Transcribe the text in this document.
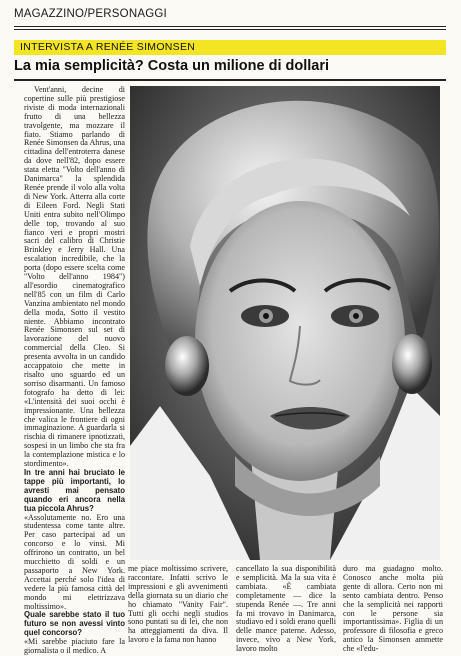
MAGAZZINO/PERSONAGGI
INTERVISTA A RENÉE SIMONSEN
La mia semplicità? Costa un milione di dollari

Vent'anni, decine di copertine sulle più prestigiose riviste di moda internazionali frutto di una bellezza travolgente, ma mozzare il fiato. Stiamo parlando di Renée Simonsen da Ahrus, una cittadina dell'entroterra danese da dove nell'82, dopo essere stata eletta "Volto dell'anno di Danimarca" la splendida Renée prende il volo alla volta di New York. Atterra alla corte di Eileen Ford. Negli Stati Uniti entra subito nell'Olimpo delle top, trovando al suo fianco veri e propri mostri sacri del calibro di Christie Brinkley e Jerry Hall. Una escalation incredibile, che la porta (dopo essere scelta come "Volto dell'anno 1984") all'esordio cinematografico nell'85 con un film di Carlo Vanzina ambientato nel mondo della moda, Sotto il vestito niente. Abbiamo incontrato Renée Simonsen sul set di lavorazione del nuovo commercial della Cleo. Si presenta avvolta in un candido accappatoio che mette in risalto uno sguardo ed un sorriso disarmanti. Un famoso fotografo ha detto di lei: «L'intensità dei suoi occhi è impressionante. Una bellezza che valica le frontiere di ogni immaginazione. A guardarla si rischia di rimanere ipnotizzati, sospesi in un limbo che sta fra la contemplazione mistica e lo stordimento».

In tre anni hai bruciato le tappe più importanti, lo avresti mai pensato quando eri ancora nella tua piccola Ahrus?

«Assolutamente no. Ero una studentessa come tante altre. Per caso partecipai ad un concorso e lo vinsi. Mi offrirono un contratto, un bel mucchietto di soldi e un passaporto a New York. Accettai perché solo l'idea di vedere la più famosa città del mondo mi elettrizzava moltissimo».

Quale sarebbe stato il tuo futuro se non avessi vinto quel concorso?

«Mi sarebbe piaciuto fare la giornalista o il medico. A

me piace moltissimo scrivere, raccontare. Infatti scrivo le impressioni e gli avvenimenti della giornata su un diario che ho chiamato "Vanity Fair". Tutti gli occhi negli studios sono puntati su di lei, che non ha atteggiamenti da diva. Il lavoro e la fama non hanno

cancellato la sua disponibilità e semplicità. Ma la sua vita è cambiata. «È cambiata completamente — dice la stupenda Renée —. Tre anni fa mi trovavo in Danimarca, studiavo ed i soldi erano quelli delle mance paterne. Adesso, invece, vivo a New York, lavoro molto

duro ma guadagno molto. Conosco anche molta più gente di allora. Certo non mi sento cambiata dentro. Penso che la semplicità nei rapporti con le persone sia importantissima». Figlia di un professore di filosofia e greco antico la Simonsen ammette che «l'edu-
